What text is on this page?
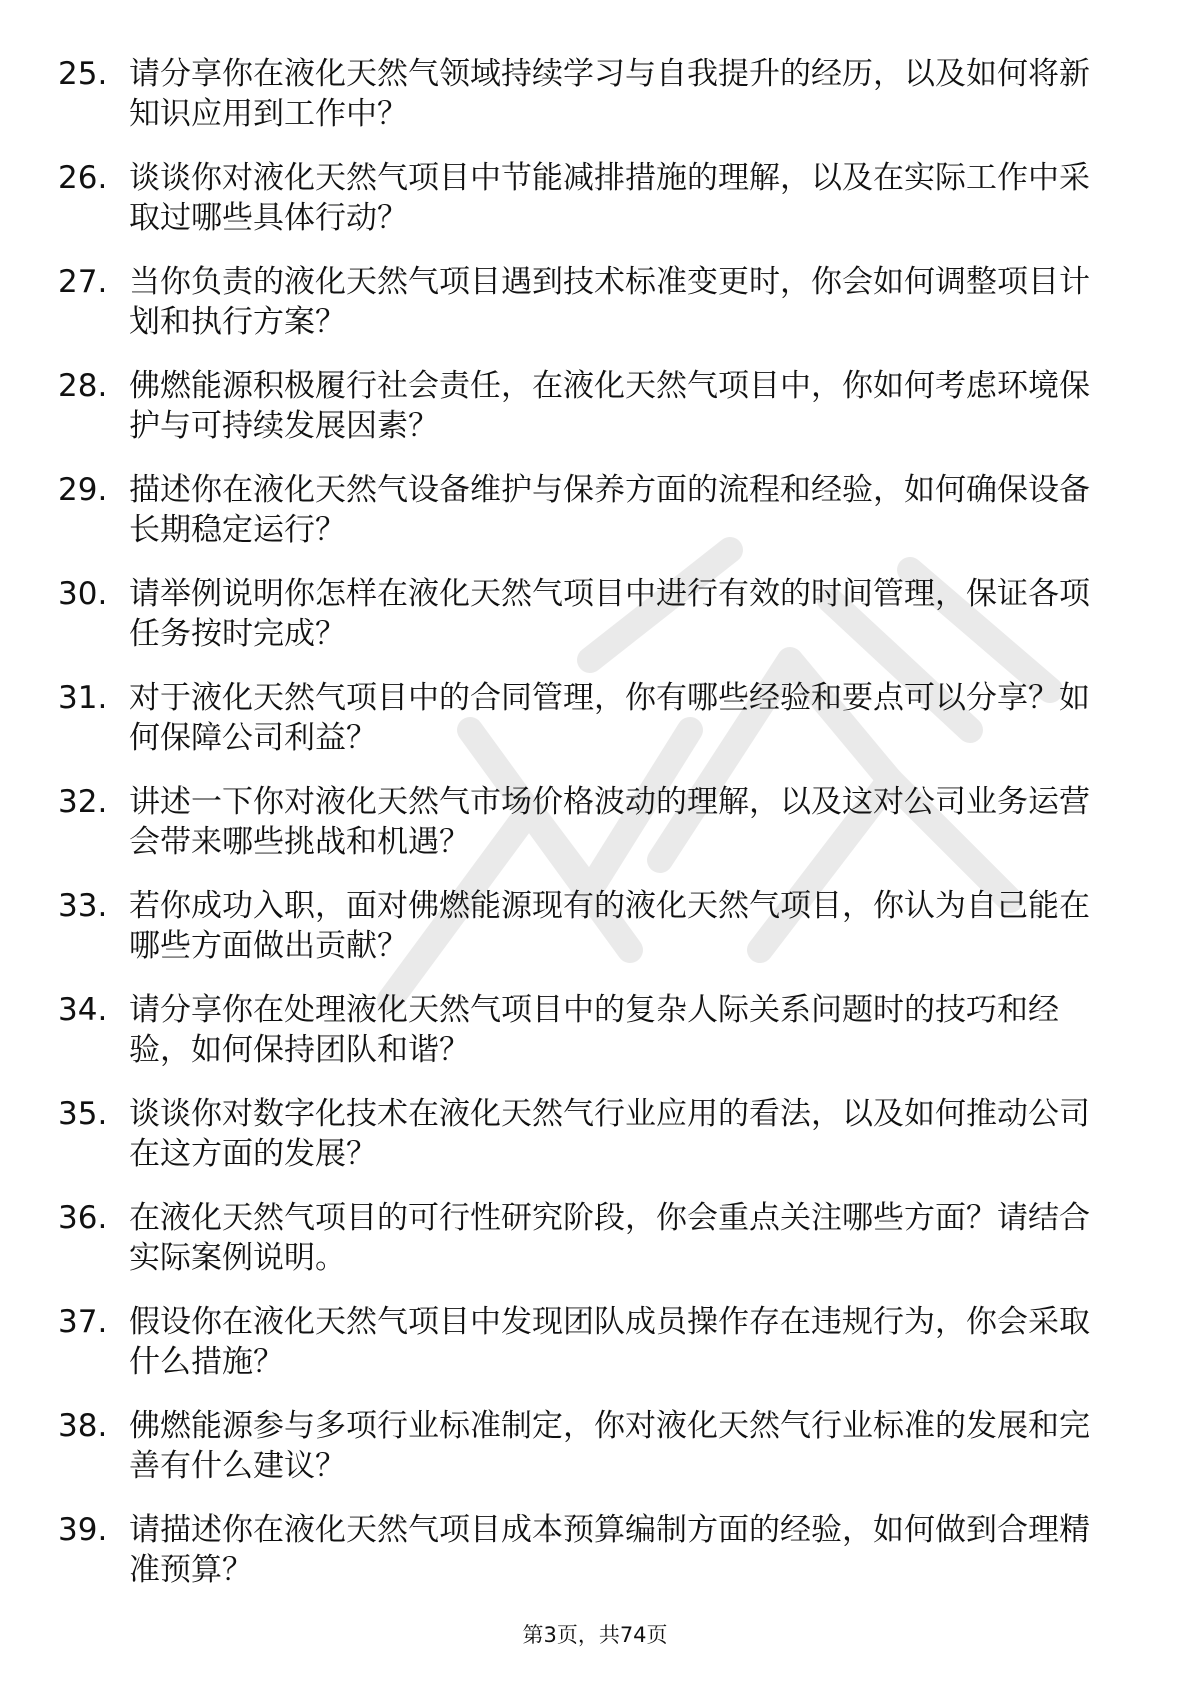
25. 请分享你在液化天然气领域持续学习与自我提升的经历，以及如何将新知识应用到工作中？
26. 谈谈你对液化天然气项目中节能减排措施的理解，以及在实际工作中采取过哪些具体行动？
27. 当你负责的液化天然气项目遇到技术标准变更时，你会如何调整项目计划和执行方案？
28. 佛燃能源积极履行社会责任，在液化天然气项目中，你如何考虑环境保护与可持续发展因素？
29. 描述你在液化天然气设备维护与保养方面的流程和经验，如何确保设备长期稳定运行？
30. 请举例说明你怎样在液化天然气项目中进行有效的时间管理，保证各项任务按时完成？
31. 对于液化天然气项目中的合同管理，你有哪些经验和要点可以分享？如何保障公司利益？
32. 讲述一下你对液化天然气市场价格波动的理解，以及这对公司业务运营会带来哪些挑战和机遇？
33. 若你成功入职，面对佛燃能源现有的液化天然气项目，你认为自己能在哪些方面做出贡献？
34. 请分享你在处理液化天然气项目中的复杂人际关系问题时的技巧和经验，如何保持团队和谐？
35. 谈谈你对数字化技术在液化天然气行业应用的看法，以及如何推动公司在这方面的发展？
36. 在液化天然气项目的可行性研究阶段，你会重点关注哪些方面？请结合实际案例说明。
37. 假设你在液化天然气项目中发现团队成员操作存在违规行为，你会采取什么措施？
38. 佛燃能源参与多项行业标准制定，你对液化天然气行业标准的发展和完善有什么建议？
39. 请描述你在液化天然气项目成本预算编制方面的经验，如何做到合理精准预算？
第3页，共74页
